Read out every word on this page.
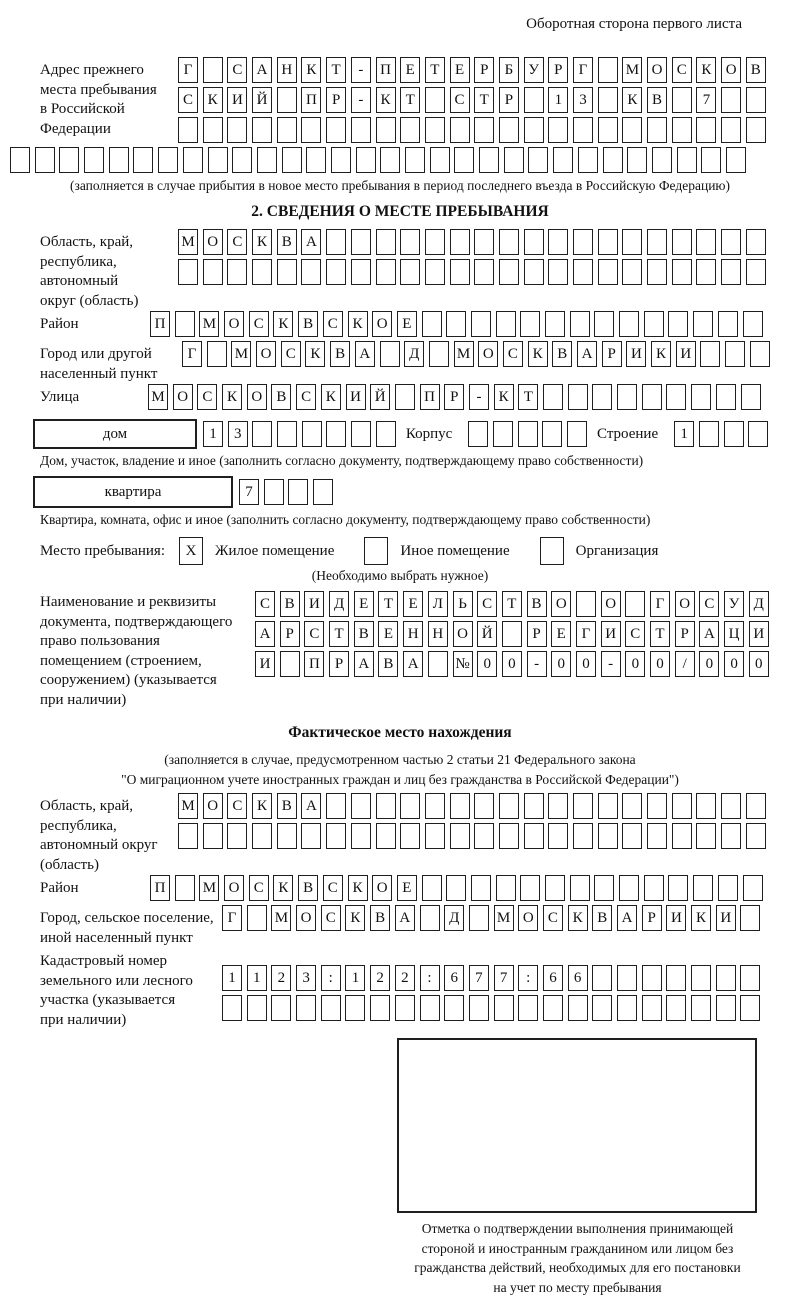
Оборотная сторона первого листа
Адрес прежнего
места пребывания
в Российской
Федерации
Г	С А Н К	Т	-	П Е	Т	Е	Р	Б	У	Р	Г	М О С К О В
С К И Й	П	Р	-	К	Т	С	Т	Р	1	3	К В	7
(заполняется в случае прибытия в новое место пребывания в период последнего въезда в Российскую Федерацию)
2. СВЕДЕНИЯ О МЕСТЕ ПРЕБЫВАНИЯ
Область, край,
республика,
автономный
округ (область)
М О С К В А
Район	П	М О С К В С К О Е
Город или другой
населенный пункт
Г	М О С К В А	Д	М О С К В А	Р	И К И
Улица	М О С К О В С К И Й	П	Р	-	К	Т
дом	1	3	Корпус	Строение	1
Дом, участок, владение и иное (заполнить согласно документу, подтверждающему право собственности)
квартира	7
Квартира, комната, офис и иное (заполнить согласно документу, подтверждающему право собственности)
Место пребывания:	X	Жилое помещение	Иное помещение	Организация
(Необходимо выбрать нужное)
Наименование и реквизиты
документа, подтверждающего
право пользования
помещением (строением,
сооружением) (указывается
при наличии)
С В И Д Е	Т	Е	Л	Ь	С	Т	В О	О	Г О С У Д
А	Р	С	Т	В	Е Н Н О Й	Р	Е	Г И С	Т	Р	А Ц И
И	П	Р	А В А	№ 0	0	-	0	0	-	0	0	/	0	0	0
Фактическое место нахождения
(заполняется в случае, предусмотренном частью 2 статьи 21 Федерального закона
"О миграционном учете иностранных граждан и лиц без гражданства в Российской Федерации")
Область, край,
республика,
автономный округ
(область)
М О С К В А
Район	П	М О С К В С К О Е
Город, сельское поселение,
иной населенный пункт
Г	М О С К В А	Д	М О С К В А	Р	И К И
Кадастровый номер
земельного или лесного
участка (указывается
при наличии)
1	1	2	3	:	1	2	2	:	6	7	7	:	6	6
Отметка о подтверждении выполнения принимающей
стороной и иностранным гражданином или лицом без
гражданства действий, необходимых для его постановки
на учет по месту пребывания
